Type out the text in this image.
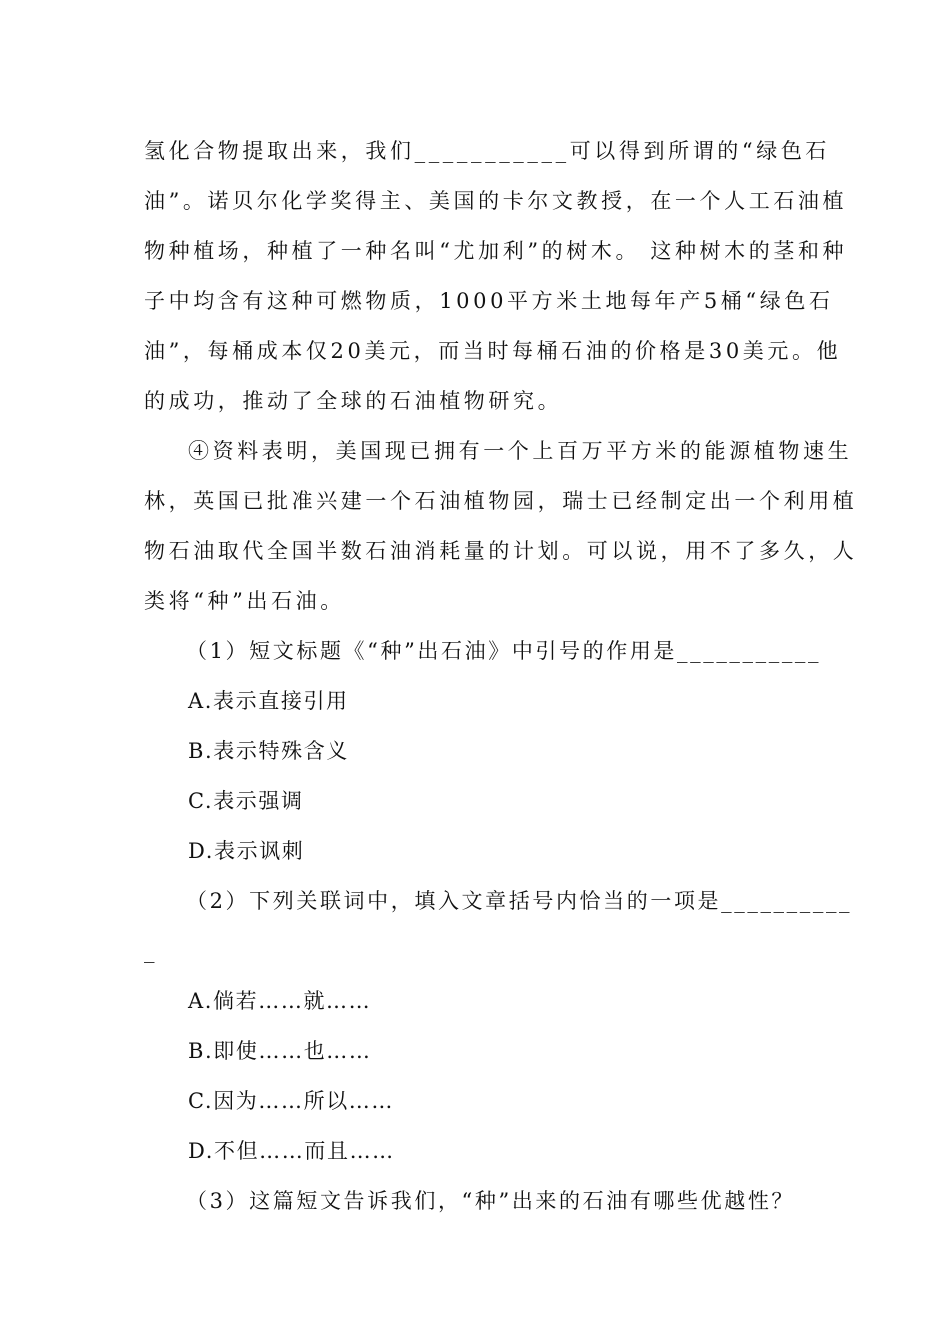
氢化合物提取出来，我们___________可以得到所谓的“绿色石
油”。诺贝尔化学奖得主、美国的卡尔文教授，在一个人工石油植
物种植场，种植了一种名叫“尤加利”的树木。 这种树木的茎和种
子中均含有这种可燃物质，1000平方米土地每年产5桶“绿色石
油”，每桶成本仅20美元，而当时每桶石油的价格是30美元。他
的成功，推动了全球的石油植物研究。
④资料表明，美国现已拥有一个上百万平方米的能源植物速生
林，英国已批准兴建一个石油植物园，瑞士已经制定出一个利用植
物石油取代全国半数石油消耗量的计划。可以说，用不了多久，人
类将“种”出石油。
（1）短文标题《“种”出石油》中引号的作用是___________
A.表示直接引用
B.表示特殊含义
C.表示强调
D.表示讽刺
（2）下列关联词中，填入文章括号内恰当的一项是__________
_
A.倘若……就……
B.即使……也……
C.因为……所以……
D.不但……而且……
（3）这篇短文告诉我们，“种”出来的石油有哪些优越性？
